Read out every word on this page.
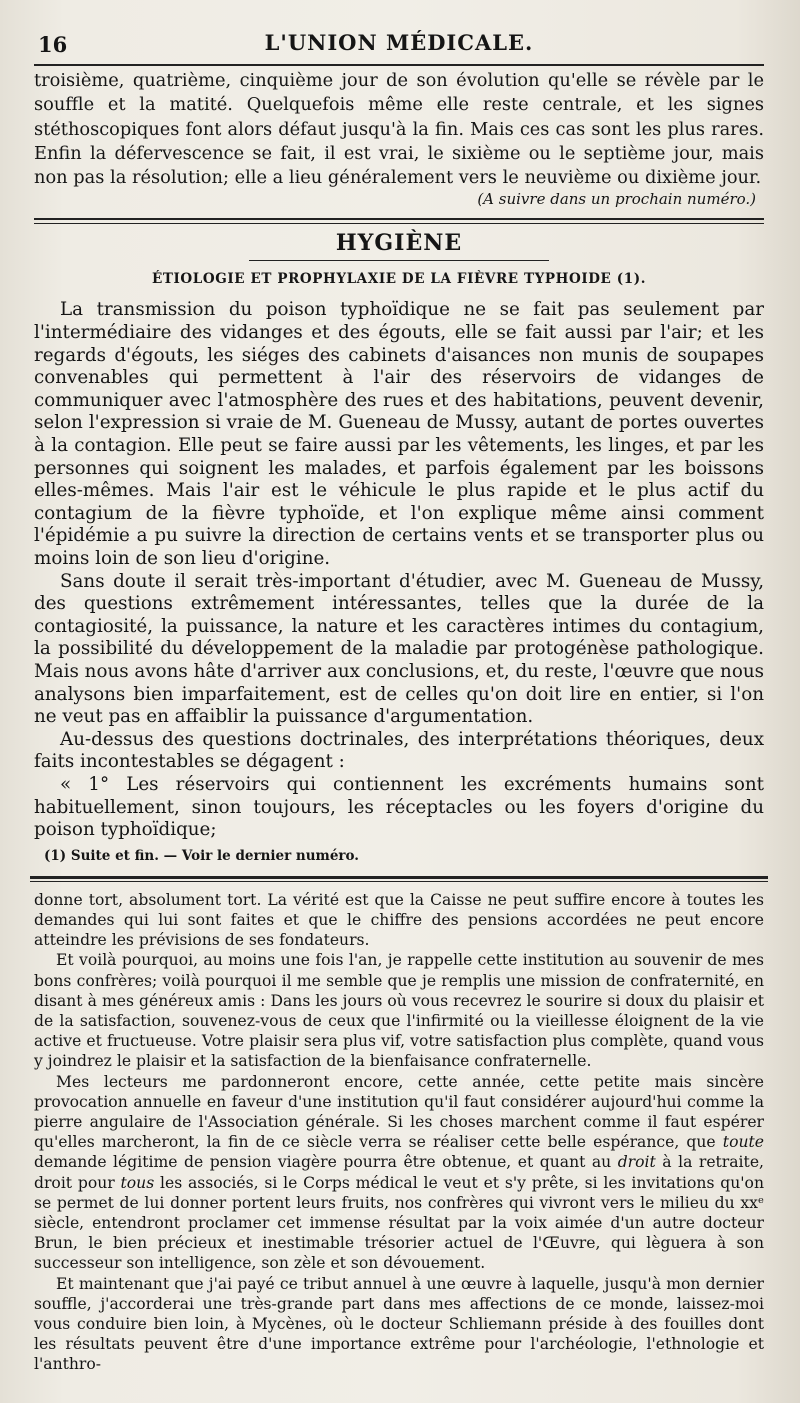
16	L'UNION MÉDICALE.

troisième, quatrième, cinquième jour de son évolution qu'elle se révèle par le souffle et la matité. Quelquefois même elle reste centrale, et les signes stéthoscopiques font alors défaut jusqu'à la fin. Mais ces cas sont les plus rares. Enfin la défervescence se fait, il est vrai, le sixième ou le septième jour, mais non pas la résolution; elle a lieu généralement vers le neuvième ou dixième jour.
(A suivre dans un prochain numéro.)

HYGIÈNE
ÉTIOLOGIE ET PROPHYLAXIE DE LA FIÈVRE TYPHOIDE (1).

La transmission du poison typhoïdique ne se fait pas seulement par l'intermédiaire des vidanges et des égouts, elle se fait aussi par l'air; et les regards d'égouts, les siéges des cabinets d'aisances non munis de soupapes convenables qui permettent à l'air des réservoirs de vidanges de communiquer avec l'atmosphère des rues et des habitations, peuvent devenir, selon l'expression si vraie de M. Gueneau de Mussy, autant de portes ouvertes à la contagion. Elle peut se faire aussi par les vêtements, les linges, et par les personnes qui soignent les malades, et parfois également par les boissons elles-mêmes. Mais l'air est le véhicule le plus rapide et le plus actif du contagium de la fièvre typhoïde, et l'on explique même ainsi comment l'épidémie a pu suivre la direction de certains vents et se transporter plus ou moins loin de son lieu d'origine.

Sans doute il serait très-important d'étudier, avec M. Gueneau de Mussy, des questions extrêmement intéressantes, telles que la durée de la contagiosité, la puissance, la nature et les caractères intimes du contagium, la possibilité du développement de la maladie par protogénèse pathologique. Mais nous avons hâte d'arriver aux conclusions, et, du reste, l'œuvre que nous analysons bien imparfaitement, est de celles qu'on doit lire en entier, si l'on ne veut pas en affaiblir la puissance d'argumentation.

Au-dessus des questions doctrinales, des interprétations théoriques, deux faits incontestables se dégagent :

« 1° Les réservoirs qui contiennent les excréments humains sont habituellement, sinon toujours, les réceptacles ou les foyers d'origine du poison typhoïdique;

(1) Suite et fin. — Voir le dernier numéro.

donne tort, absolument tort. La vérité est que la Caisse ne peut suffire encore à toutes les demandes qui lui sont faites et que le chiffre des pensions accordées ne peut encore atteindre les prévisions de ses fondateurs.

Et voilà pourquoi, au moins une fois l'an, je rappelle cette institution au souvenir de mes bons confrères; voilà pourquoi il me semble que je remplis une mission de confraternité, en disant à mes généreux amis : Dans les jours où vous recevrez le sourire si doux du plaisir et de la satisfaction, souvenez-vous de ceux que l'infirmité ou la vieillesse éloignent de la vie active et fructueuse. Votre plaisir sera plus vif, votre satisfaction plus complète, quand vous y joindrez le plaisir et la satisfaction de la bienfaisance confraternelle.

Mes lecteurs me pardonneront encore, cette année, cette petite mais sincère provocation annuelle en faveur d'une institution qu'il faut considérer aujourd'hui comme la pierre angulaire de l'Association générale. Si les choses marchent comme il faut espérer qu'elles marcheront, la fin de ce siècle verra se réaliser cette belle espérance, que toute demande légitime de pension viagère pourra être obtenue, et quant au droit à la retraite, droit pour tous les associés, si le Corps médical le veut et s'y prête, si les invitations qu'on se permet de lui donner portent leurs fruits, nos confrères qui vivront vers le milieu du xxᵉ siècle, entendront proclamer cet immense résultat par la voix aimée d'un autre docteur Brun, le bien précieux et inestimable trésorier actuel de l'Œuvre, qui lèguera à son successeur son intelligence, son zèle et son dévouement.

Et maintenant que j'ai payé ce tribut annuel à une œuvre à laquelle, jusqu'à mon dernier souffle, j'accorderai une très-grande part dans mes affections de ce monde, laissez-moi vous conduire bien loin, à Mycènes, où le docteur Schliemann préside à des fouilles dont les résultats peuvent être d'une importance extrême pour l'archéologie, l'ethnologie et l'anthro-
